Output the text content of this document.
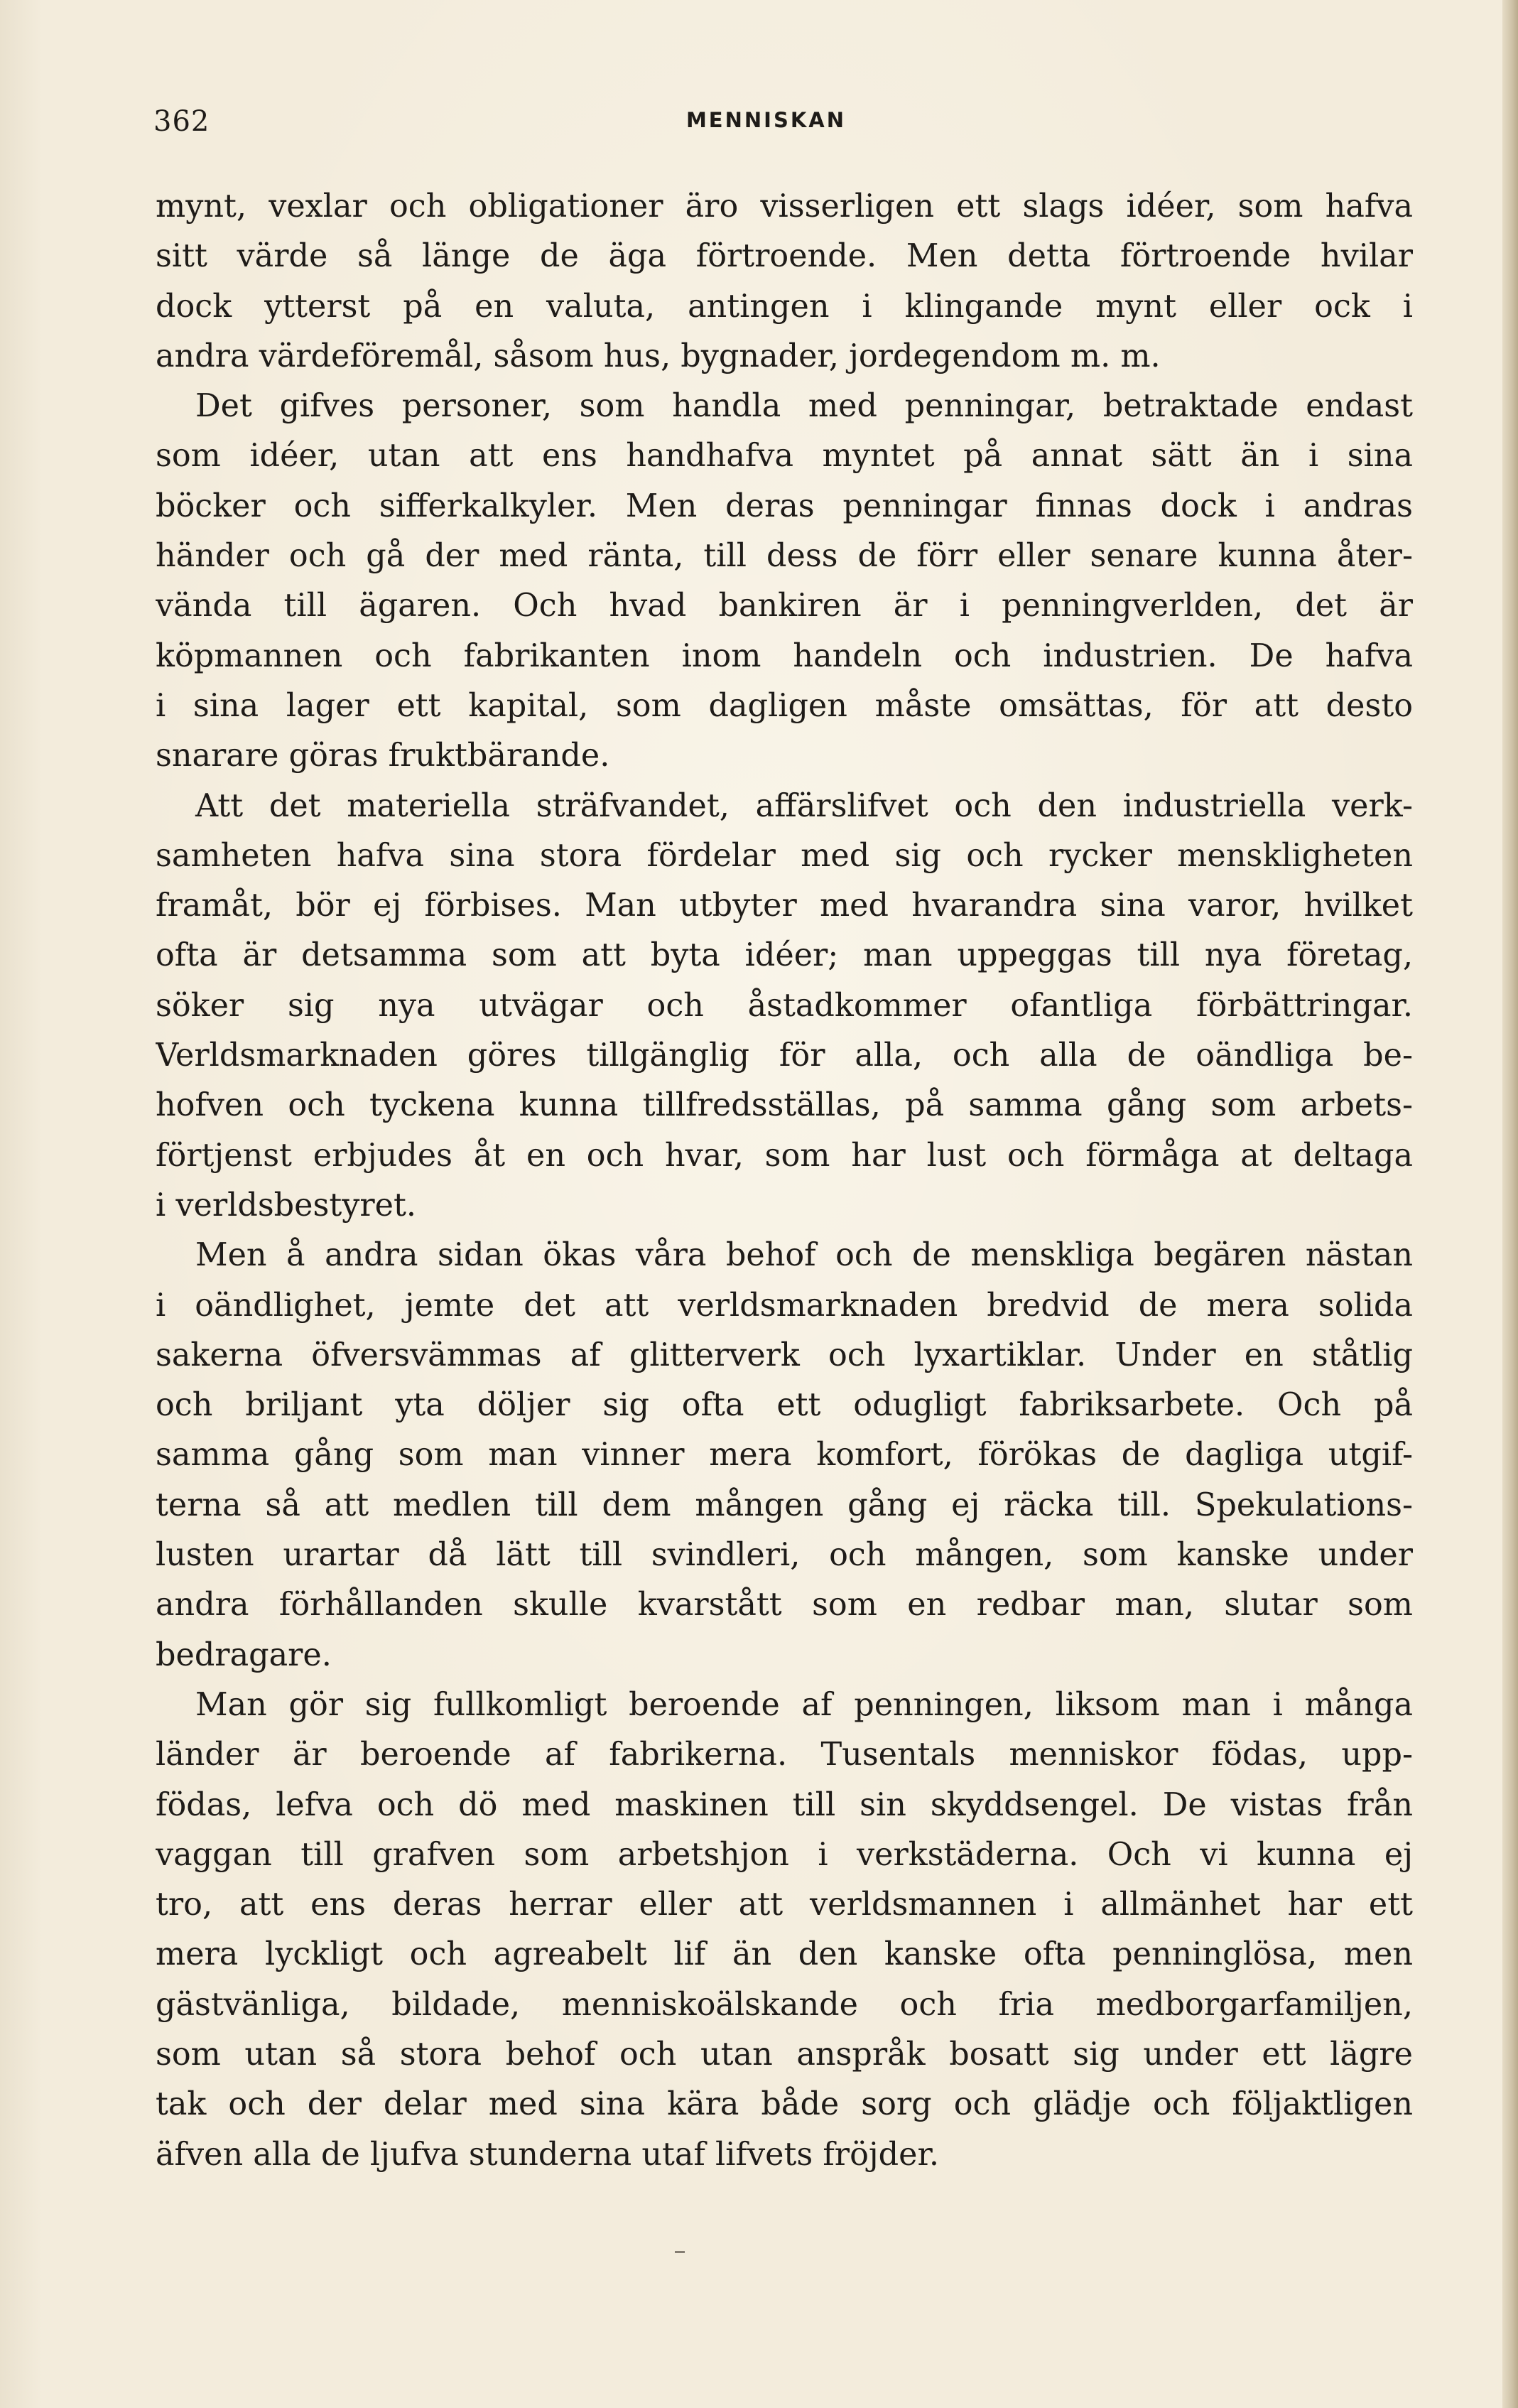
362	MENNISKAN
mynt, vexlar och obligationer äro visserligen ett slags idéer, som hafva
sitt värde så länge de äga förtroende. Men detta förtroende hvilar
dock ytterst på en valuta, antingen i klingande mynt eller ock i
andra värdeföremål, såsom hus, bygnader, jordegendom m. m.
Det gifves personer, som handla med penningar, betraktade endast
som idéer, utan att ens handhafva myntet på annat sätt än i sina
böcker och sifferkalkyler. Men deras penningar finnas dock i andras
händer och gå der med ränta, till dess de förr eller senare kunna åter-
vända till ägaren. Och hvad bankiren är i penningverlden, det är
köpmannen och fabrikanten inom handeln och industrien. De hafva
i sina lager ett kapital, som dagligen måste omsättas, för att desto
snarare göras fruktbärande.
Att det materiella sträfvandet, affärslifvet och den industriella verk-
samheten hafva sina stora fördelar med sig och rycker menskligheten
framåt, bör ej förbises. Man utbyter med hvarandra sina varor, hvilket
ofta är detsamma som att byta idéer; man uppeggas till nya företag,
söker sig nya utvägar och åstadkommer ofantliga förbättringar.
Verldsmarknaden göres tillgänglig för alla, och alla de oändliga be-
hofven och tyckena kunna tillfredsställas, på samma gång som arbets-
förtjenst erbjudes åt en och hvar, som har lust och förmåga at deltaga
i verldsbestyret.
Men å andra sidan ökas våra behof och de menskliga begären nästan
i oändlighet, jemte det att verldsmarknaden bredvid de mera solida
sakerna öfversvämmas af glitterverk och lyxartiklar. Under en ståtlig
och briljant yta döljer sig ofta ett odugligt fabriksarbete. Och på
samma gång som man vinner mera komfort, förökas de dagliga utgif-
terna så att medlen till dem mången gång ej räcka till. Spekulations-
lusten urartar då lätt till svindleri, och mången, som kanske under
andra förhållanden skulle kvarstått som en redbar man, slutar som
bedragare.
Man gör sig fullkomligt beroende af penningen, liksom man i många
länder är beroende af fabrikerna. Tusentals menniskor födas, upp-
födas, lefva och dö med maskinen till sin skyddsengel. De vistas från
vaggan till grafven som arbetshjon i verkstäderna. Och vi kunna ej
tro, att ens deras herrar eller att verldsmannen i allmänhet har ett
mera lyckligt och agreabelt lif än den kanske ofta penninglösa, men
gästvänliga, bildade, menniskoälskande och fria medborgarfamiljen,
som utan så stora behof och utan anspråk bosatt sig under ett lägre
tak och der delar med sina kära både sorg och glädje och följaktligen
äfven alla de ljufva stunderna utaf lifvets fröjder.
